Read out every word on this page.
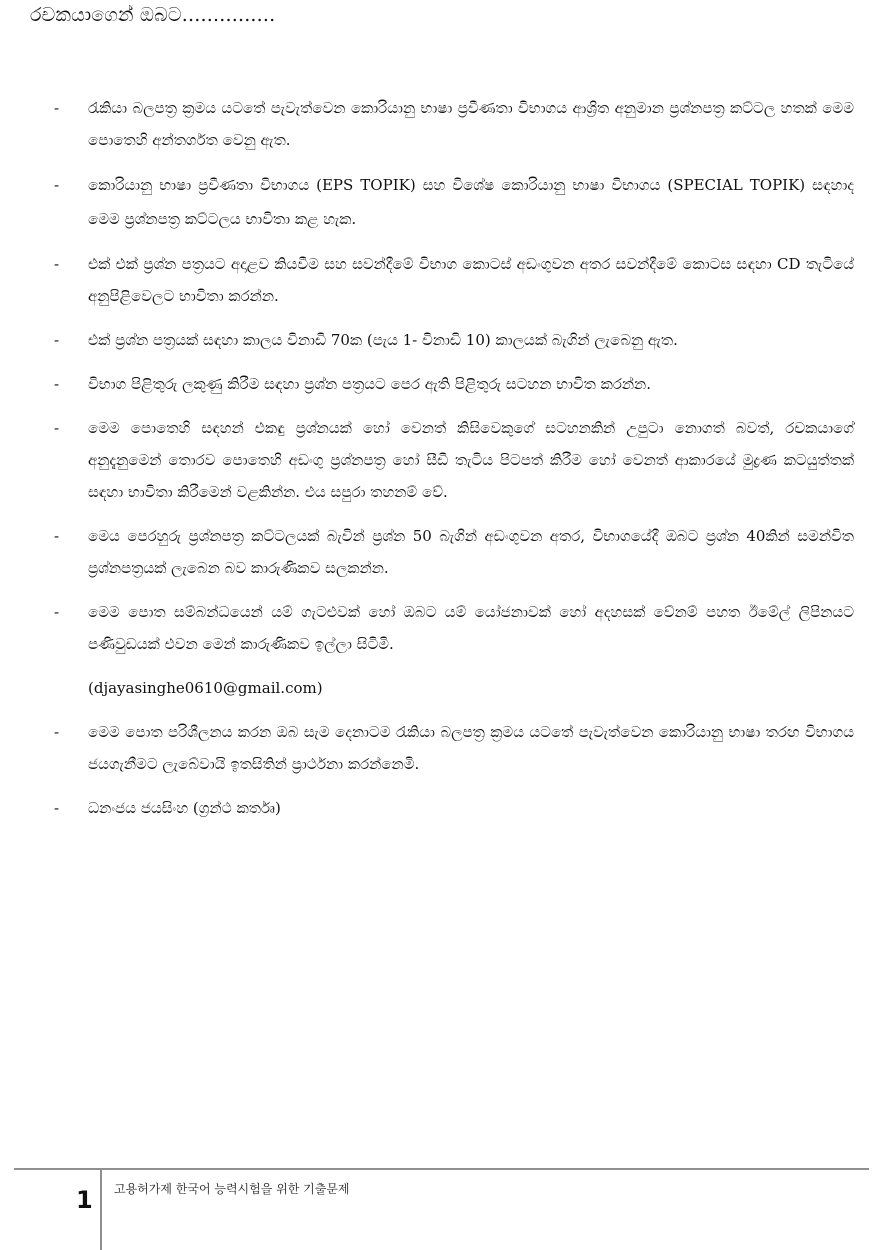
රචකයාගෙන් ඔබට...............
-	රැකියා බලපත්‍ර ක්‍රමය යටතේ පැවැත්වෙන කොරියානු භාෂා ප්‍රවීණතා විභාගය ආශ්‍රිත අනුමාන ප්‍රශ්නපත්‍ර කට්ටල හතක් මෙම පොතෙහි අන්තර්ගත වෙනු ඇත.
-	කොරියානු භාෂා ප්‍රවීණතා විභාගය (EPS TOPIK) සහ විශේෂ කොරියානු භාෂා විභාගය (SPECIAL TOPIK) සඳහාද මෙම ප්‍රශ්නපත්‍ර කට්ටලය භාවිතා කළ හැක.
-	එක් එක් ප්‍රශ්න පත්‍රයට අදාළව කියවීම සහ සවන්දීමේ විභාග කොටස් අඩංගුවන අතර සවන්දීමේ කොටස සඳහා CD තැටියේ අනුපිළිවෙලට භාවිතා කරන්න.
-	එක් ප්‍රශ්න පත්‍රයක් සඳහා කාලය විනාඩි 70ක (පැය 1- විනාඩි 10) කාලයක් බැගින් ලැබෙනු ඇත.
-	විභාග පිළිතුරු ලකුණු කිරීම සඳහා ප්‍රශ්න පත්‍රයට පෙර ඇති පිළිතුරු සටහන භාවිත කරන්න.
-	මෙම පොතෙහි සඳහන් එකඳු ප්‍රශ්නයක් හෝ වෙනත් කිසිවෙකුගේ සටහනකින් උපුටා නොගත් බවත්, රචකයාගේ අනුදැනුමෙන් තොරව පොතෙහි අඩංගු ප්‍රශ්නපත්‍ර හෝ සීඩී තැටිය පිටපත් කිරීම හෝ වෙනත් ආකාරයේ මුද්‍රණ කටයුත්තක් සඳහා භාවිතා කිරීමෙන් වළකින්න. එය සපුරා තහනම් වේ.
-	මෙය පෙරහුරු ප්‍රශ්නපත්‍ර කට්ටලයක් බැවින් ප්‍රශ්න 50 බැගින් අඩංගුවන අතර, විභාගයේදී ඔබට ප්‍රශ්න 40කින් සමන්විත ප්‍රශ්නපත්‍රයක් ලැබෙන බව කාරුණිකව සලකන්න.
-	මෙම පොත සම්බන්ධයෙන් යම් ගැටළුවක් හෝ ඔබට යම් යෝජනාවක් හෝ අදහසක් වේනම් පහත ඊමේල් ලිපිනයට පණිවුඩයක් එවන මෙන් කාරුණිකව ඉල්ලා සිටිමි.
(djayasinghe0610@gmail.com)
-	මෙම පොත පරිශීලනය කරන ඔබ සැම දෙනාටම රැකියා බලපත්‍ර ක්‍රමය යටතේ පැවැත්වෙන කොරියානු භාෂා තරඟ විභාගය ජයගැනීමට ලැබේවායි ඉතසිතින් ප්‍රාර්ථනා කරන්නෙමි.
-	ධනංජය ජයසිංහ (ග්‍රන්ථ කර්තෘ)
1 고용허가제 한국어 능력시험을 위한 기출문제
